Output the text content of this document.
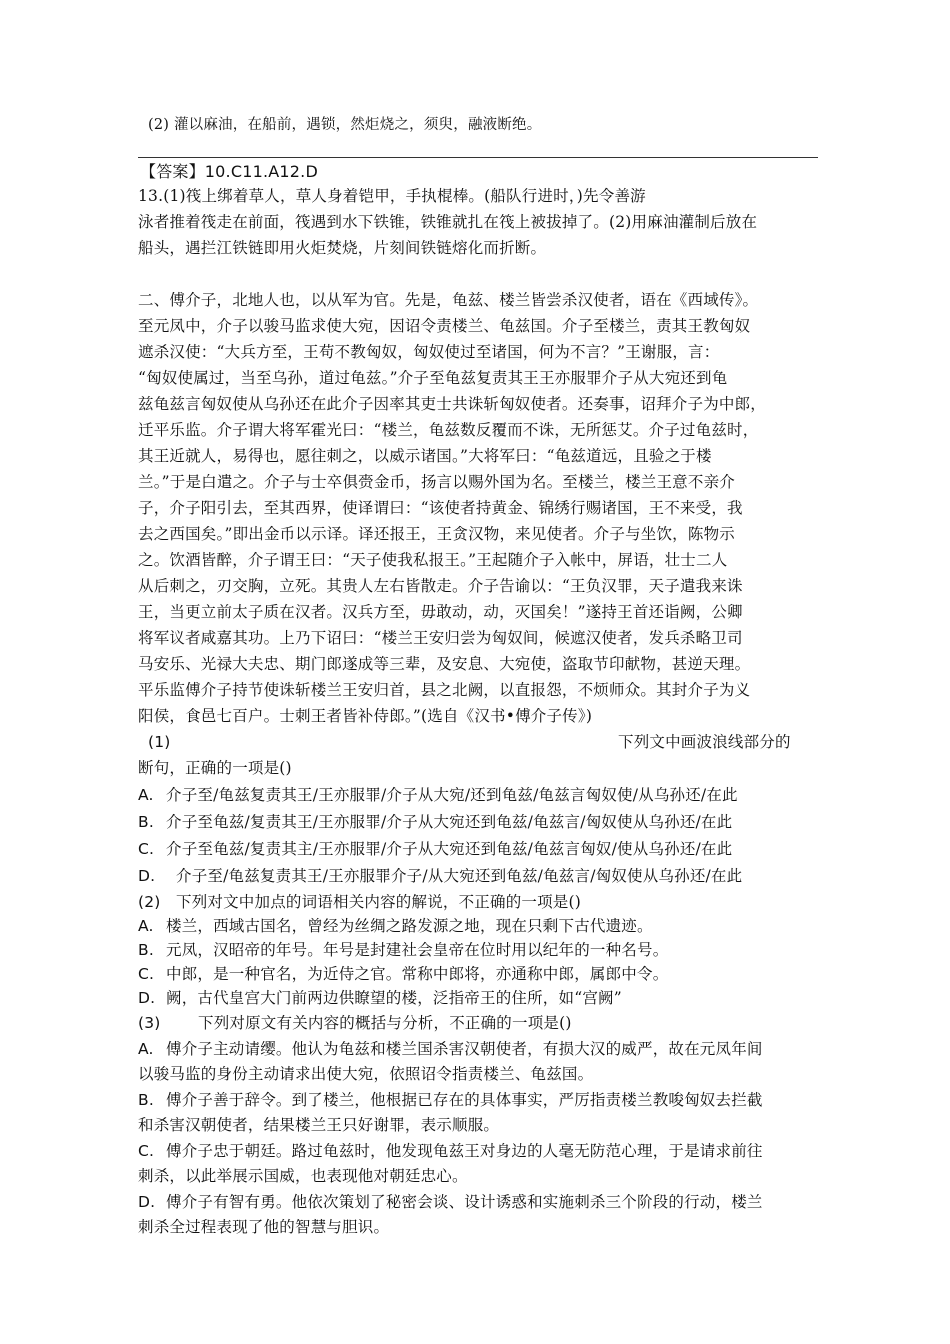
(2) 灌以麻油，在船前，遇锁，然炬烧之，须臾，融液断绝。
【答案】10.C11.A12.D
13.(1)筏上绑着草人，草人身着铠甲，手执棍棒。(船队行进时，)先令善游
泳者推着筏走在前面，筏遇到水下铁锥，铁锥就扎在筏上被拔掉了。(2)用麻油灌制后放在
船头，遇拦江铁链即用火炬焚烧，片刻间铁链熔化而折断。
二、傅介子，北地人也，以从军为官。先是，龟兹、楼兰皆尝杀汉使者，语在《西域传》。
至元凤中，介子以骏马监求使大宛，因诏令责楼兰、龟兹国。介子至楼兰，责其王教匈奴
遮杀汉使：“大兵方至，王苟不教匈奴，匈奴使过至诸国，何为不言？”王谢服，言：
“匈奴使属过，当至乌孙，道过龟兹。”介子至龟兹复责其王王亦服罪介子从大宛还到龟
兹龟兹言匈奴使从乌孙还在此介子因率其吏士共诛斩匈奴使者。还奏事，诏拜介子为中郎，
迁平乐监。介子谓大将军霍光曰：“楼兰，龟兹数反覆而不诛，无所惩艾。介子过龟兹时，
其王近就人，易得也，愿往刺之，以威示诸国。”大将军曰：“龟兹道远，且验之于楼
兰。”于是白遣之。介子与士卒俱赍金币，扬言以赐外国为名。至楼兰，楼兰王意不亲介
子，介子阳引去，至其西界，使译谓曰：“该使者持黄金、锦绣行赐诸国，王不来受，我
去之西国矣。”即出金币以示译。译还报王，王贪汉物，来见使者。介子与坐饮，陈物示
之。饮酒皆醉，介子谓王曰：“天子使我私报王。”王起随介子入帐中，屏语，壮士二人
从后刺之，刃交胸，立死。其贵人左右皆散走。介子告谕以：“王负汉罪，天子遣我来诛
王，当更立前太子质在汉者。汉兵方至，毋敢动，动，灭国矣！”遂持王首还诣阙，公卿
将军议者咸嘉其功。上乃下诏曰：“楼兰王安归尝为匈奴间，候遮汉使者，发兵杀略卫司
马安乐、光禄大夫忠、期门郎遂成等三辈，及安息、大宛使，盗取节印献物，甚逆天理。
平乐监傅介子持节使诛斩楼兰王安归首，县之北阙，以直报怨，不烦师众。其封介子为义
阳侯，食邑七百户。士刺王者皆补侍郎。”(选自《汉书•傅介子传》)
(1)	下列文中画波浪线部分的
断句，正确的一项是()
A. 介子至/龟兹复责其王/王亦服罪/介子从大宛/还到龟兹/龟兹言匈奴使/从乌孙还/在此
B. 介子至龟兹/复责其王/王亦服罪/介子从大宛还到龟兹/龟兹言/匈奴使从乌孙还/在此
C. 介子至龟兹/复责其主/王亦服罪/介子从大宛还到龟兹/龟兹言匈奴/使从乌孙还/在此
D.	介子至/龟兹复责其王/王亦服罪介子/从大宛还到龟兹/龟兹言/匈奴使从乌孙还/在此
(2) 下列对文中加点的词语相关内容的解说，不正确的一项是()
A. 楼兰，西域古国名，曾经为丝绸之路发源之地，现在只剩下古代遗迹。
B. 元凤，汉昭帝的年号。年号是封建社会皇帝在位时用以纪年的一种名号。
C. 中郎，是一种官名，为近侍之官。常称中郎将，亦通称中郎，属郎中令。
D. 阙，古代皇宫大门前两边供瞭望的楼，泛指帝王的住所，如“宫阙”
(3)	下列对原文有关内容的概括与分析，不正确的一项是()
A. 傅介子主动请缨。他认为龟兹和楼兰国杀害汉朝使者，有损大汉的威严，故在元凤年间
以骏马监的身份主动请求出使大宛，依照诏令指责楼兰、龟兹国。
B. 傅介子善于辞令。到了楼兰，他根据已存在的具体事实，严厉指责楼兰教唆匈奴去拦截
和杀害汉朝使者，结果楼兰王只好谢罪，表示顺服。
C. 傅介子忠于朝廷。路过龟兹时，他发现龟兹王对身边的人毫无防范心理，于是请求前往
刺杀，以此举展示国威，也表现他对朝廷忠心。
D. 傅介子有智有勇。他依次策划了秘密会谈、设计诱惑和实施刺杀三个阶段的行动，楼兰
刺杀全过程表现了他的智慧与胆识。
